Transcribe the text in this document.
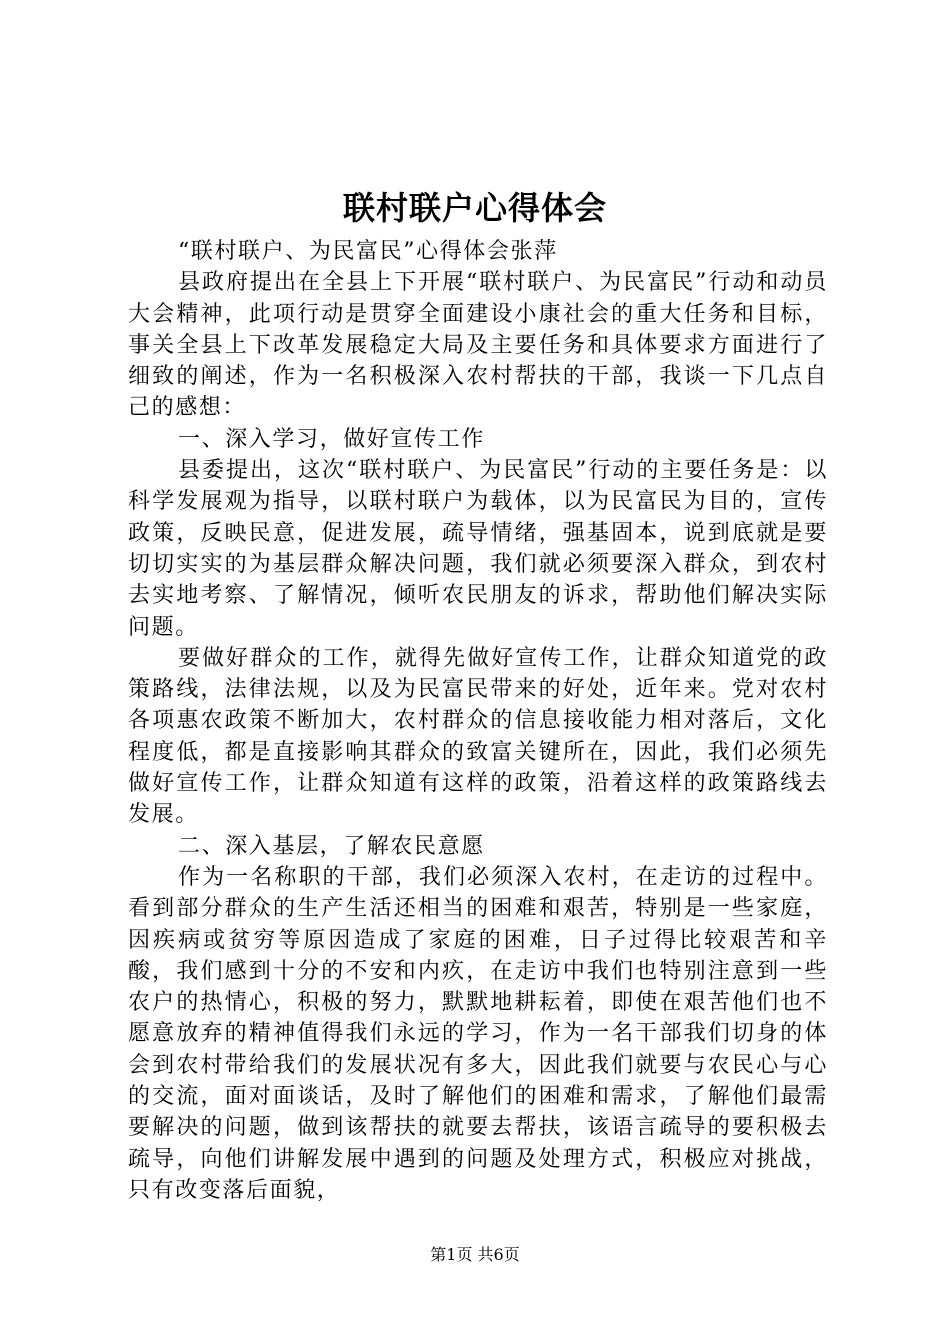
联村联户心得体会

“联村联户、为民富民”心得体会张萍

县政府提出在全县上下开展“联村联户、为民富民”行动和动员大会精神，此项行动是贯穿全面建设小康社会的重大任务和目标，事关全县上下改革发展稳定大局及主要任务和具体要求方面进行了细致的阐述，作为一名积极深入农村帮扶的干部，我谈一下几点自己的感想：

一、深入学习，做好宣传工作

县委提出，这次“联村联户、为民富民”行动的主要任务是：以科学发展观为指导，以联村联户为载体，以为民富民为目的，宣传政策，反映民意，促进发展，疏导情绪，强基固本，说到底就是要切切实实的为基层群众解决问题，我们就必须要深入群众，到农村去实地考察、了解情况，倾听农民朋友的诉求，帮助他们解决实际问题。

要做好群众的工作，就得先做好宣传工作，让群众知道党的政策路线，法律法规，以及为民富民带来的好处，近年来。党对农村各项惠农政策不断加大，农村群众的信息接收能力相对落后，文化程度低，都是直接影响其群众的致富关键所在，因此，我们必须先做好宣传工作，让群众知道有这样的政策，沿着这样的政策路线去发展。

二、深入基层，了解农民意愿

作为一名称职的干部，我们必须深入农村，在走访的过程中。看到部分群众的生产生活还相当的困难和艰苦，特别是一些家庭，因疾病或贫穷等原因造成了家庭的困难，日子过得比较艰苦和辛酸，我们感到十分的不安和内疚，在走访中我们也特别注意到一些农户的热情心，积极的努力，默默地耕耘着，即使在艰苦他们也不愿意放弃的精神值得我们永远的学习，作为一名干部我们切身的体会到农村带给我们的发展状况有多大，因此我们就要与农民心与心的交流，面对面谈话，及时了解他们的困难和需求，了解他们最需要解决的问题，做到该帮扶的就要去帮扶，该语言疏导的要积极去疏导，向他们讲解发展中遇到的问题及处理方式，积极应对挑战，只有改变落后面貌，

第1页 共6页
